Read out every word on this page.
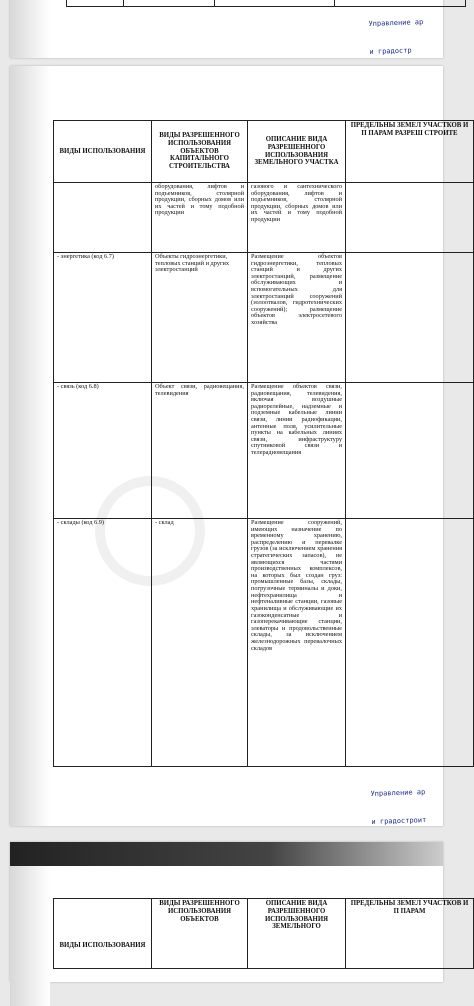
Управление ар

и градостр

ВИДЫ ИСПОЛЬЗОВАНИЯ	ВИДЫ РАЗРЕШЕННОГО ИСПОЛЬЗОВАНИЯ ОБЪЕКТОВ КАПИТАЛЬНОГО СТРОИТЕЛЬСТВА	ОПИСАНИЕ ВИДА РАЗРЕШЕННОГО ИСПОЛЬЗОВАНИЯ ЗЕМЕЛЬНОГО УЧАСТКА	ПРЕДЕЛЬНЫ ЗЕМЕЛ УЧАСТКОВ И П ПАРАМ РАЗРЕШ СТРОИТЕ
	оборудования, лифтов и подъемников, столярной продукции, сборных домов или их частей и тому подобной продукции	газового и сантехнического оборудования, лифтов и подъемников, столярной продукции, сборных домов или их частей и тому подобной продукции	
- энергетика (код 6.7)	Объекты гидроэнергетики, тепловых станций и других электростанций	Размещение объектов гидроэнергетики, тепловых станций и других электростанций, размещение обслуживающих и вспомогательных для электростанций сооружений (золоотвалов, гидротехнических сооружений); размещение объектов электросетевого хозяйства	
- связь (код 6.8)	Объект связи, радиовещания, телевидения	Размещение объектов связи, радиовещания, телевидения, включая воздушные радиорелейные, надземные и подземные кабельные линии связи, линии радиофикации, антенные поля, усилительные пункты на кабельных линиях связи, инфраструктуру спутниковой связи и телерадиовещания	
- склады (код 6.9)	- склад	Размещение сооружений, имеющих назначение по временному хранению, распределению и перевалке грузов (за исключением хранения стратегических запасов), не являющихся частями производственных комплексов, на которых был создан груз: промышленные базы, склады, погрузочные терминалы и доки, нефтехранилища и нефтеналивные станции, газовые хранилища и обслуживающие их газоконденсатные и газоперекачивающие станции, элеваторы и продовольственные склады, за исключением железнодорожных перевалочных складов	

Управление ар

и градостроит

ВИДЫ ИСПОЛЬЗОВАНИЯ	ВИДЫ РАЗРЕШЕННОГО ИСПОЛЬЗОВАНИЯ ОБЪЕКТОВ	ОПИСАНИЕ ВИДА РАЗРЕШЕННОГО ИСПОЛЬЗОВАНИЯ ЗЕМЕЛЬНОГО	ПРЕДЕЛЬНЫ ЗЕМЕЛ УЧАСТКОВ И П ПАРАМ
